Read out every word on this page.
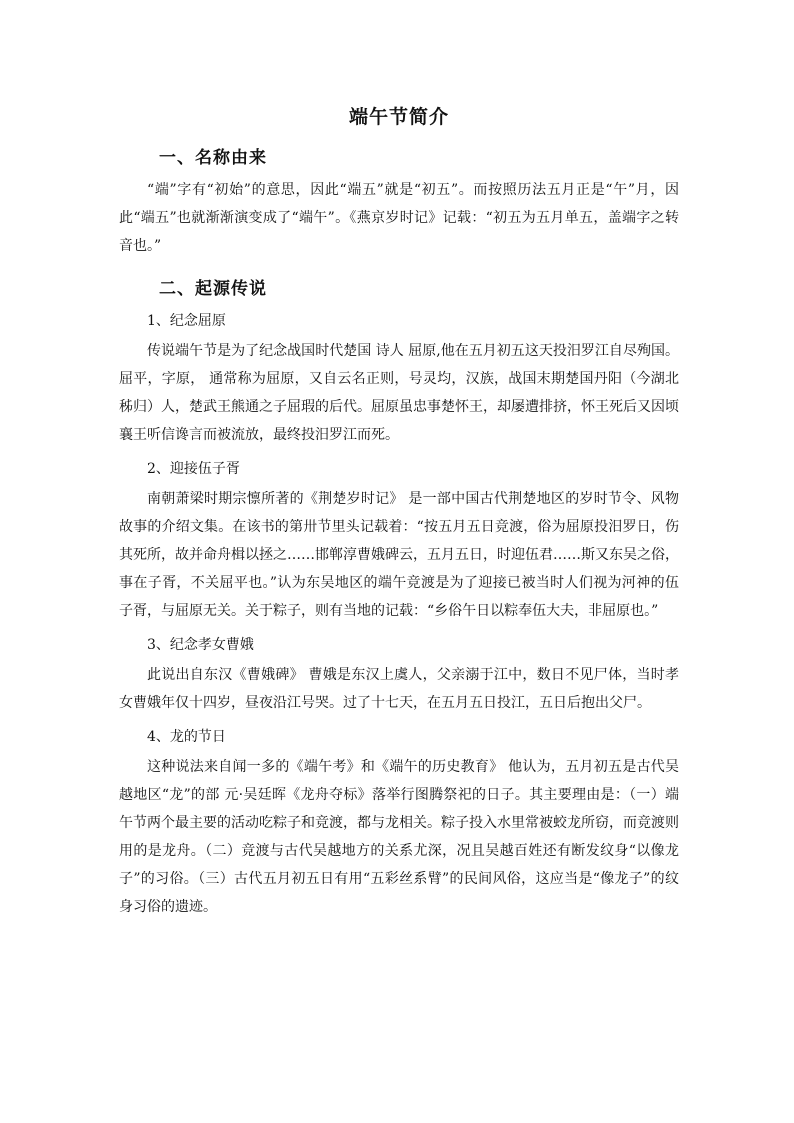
端午节简介
一、名称由来

“端”字有“初始”的意思，因此“端五”就是“初五”。而按照历法五月正是“午”月，因此“端五”也就渐渐演变成了“端午”。《燕京岁时记》记载：“初五为五月单五，盖端字之转音也。”

二、起源传说

1、纪念屈原

传说端午节是为了纪念战国时代楚国 诗人 屈原,他在五月初五这天投汨罗江自尽殉国。屈平，字原， 通常称为屈原，又自云名正则，号灵均，汉族，战国末期楚国丹阳（今湖北秭归）人，楚武王熊通之子屈瑕的后代。屈原虽忠事楚怀王，却屡遭排挤，怀王死后又因顷襄王听信谗言而被流放，最终投汨罗江而死。

2、迎接伍子胥

南朝萧梁时期宗懔所著的《荆楚岁时记》 是一部中国古代荆楚地区的岁时节令、风物故事的介绍文集。在该书的第卅节里头记载着：“按五月五日竞渡，俗为屈原投汨罗日，伤其死所，故并命舟楫以拯之……邯郸淳曹娥碑云，五月五日，时迎伍君……斯又东吴之俗，事在子胥，不关屈平也。”认为东吴地区的端午竞渡是为了迎接已被当时人们视为河神的伍子胥，与屈原无关。关于粽子，则有当地的记载：“乡俗午日以粽奉伍大夫，非屈原也。”

3、纪念孝女曹娥

此说出自东汉《曹娥碑》 曹娥是东汉上虞人，父亲溺于江中，数日不见尸体，当时孝女曹娥年仅十四岁，昼夜沿江号哭。过了十七天，在五月五日投江，五日后抱出父尸。

4、龙的节日

这种说法来自闻一多的《端午考》和《端午的历史教育》 他认为，五月初五是古代吴越地区“龙”的部 元·吴廷晖《龙舟夺标》落举行图腾祭祀的日子。其主要理由是：（一）端午节两个最主要的活动吃粽子和竞渡，都与龙相关。粽子投入水里常被蛟龙所窃，而竞渡则用的是龙舟。（二）竞渡与古代吴越地方的关系尤深，况且吴越百姓还有断发纹身“以像龙子”的习俗。（三）古代五月初五日有用“五彩丝系臂”的民间风俗，这应当是“像龙子”的纹身习俗的遗迹。
